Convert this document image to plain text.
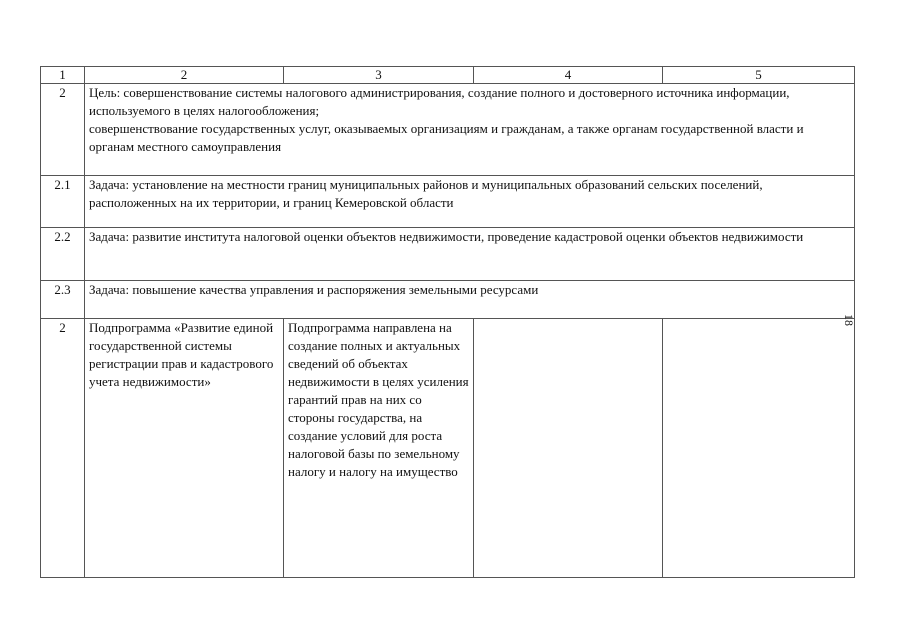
1	2	3	4	5
2	Цель: совершенствование системы налогового администрирования, создание полного и достоверного источника информации, используемого в целях налогообложения;
совершенствование государственных услуг, оказываемых организациям и гражданам, а также органам государственной власти и органам местного самоуправления			

2.1	Задача: установление на местности границ муниципальных районов и муниципальных образований сельских поселений, расположенных на их территории, и границ Кемеровской области			

2.2	Задача: развитие института налоговой оценки объектов недвижимости, проведение кадастровой оценки объектов недвижимости			

2.3	Задача: повышение качества управления и распоряжения земельными ресурсами			

2	Подпрограмма «Развитие единой государственной системы регистрации прав и кадастрового учета недвижимости»	Подпрограмма направлена на создание полных и актуальных сведений об объектах недвижимости в целях усиления гарантий прав на них со стороны государства, на создание условий для роста налоговой базы по земельному налогу и налогу на имущество		
18
